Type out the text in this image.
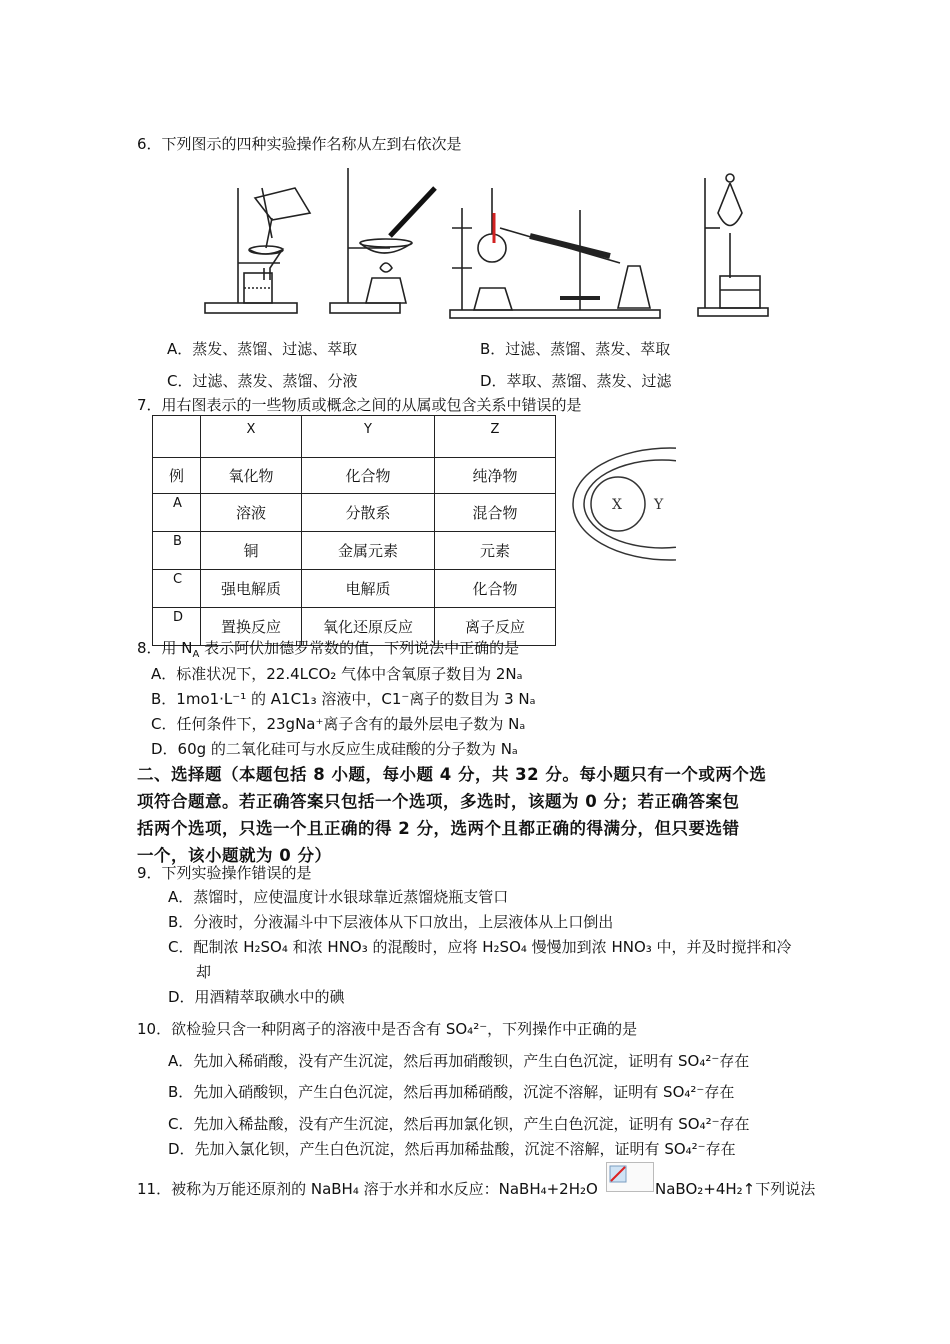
6．下列图示的四种实验操作名称从左到右依次是
A．蒸发、蒸馏、过滤、萃取	B．过滤、蒸馏、蒸发、萃取
C．过滤、蒸发、蒸馏、分液	D．萃取、蒸馏、蒸发、过滤
7．用右图表示的一些物质或概念之间的从属或包含关系中错误的是
	X	Y	Z
例	氧化物	化合物	纯净物
A	溶液	分散系	混合物
B	铜	金属元素	元素
C	强电解质	电解质	化合物
D	置换反应	氧化还原反应	离子反应
X Y
8．用 $N_A$ 表示阿伏加德罗常数的值，下列说法中正确的是
A．标准状况下，22.4LCO₂ 气体中含氧原子数目为 2Nₐ
B．1mo1·L⁻¹ 的 A1C1₃ 溶液中，C1⁻离子的数目为 3 Nₐ
C．任何条件下，23gNa⁺离子含有的最外层电子数为 Nₐ
D．60g 的二氧化硅可与水反应生成硅酸的分子数为 Nₐ
二、选择题（本题包括 8 小题，每小题 4 分，共 32 分。每小题只有一个或两个选
项符合题意。若正确答案只包括一个选项，多选时，该题为 0 分；若正确答案包
括两个选项，只选一个且正确的得 2 分，选两个且都正确的得满分，但只要选错
一个，该小题就为 0 分）
9．下列实验操作错误的是
A．蒸馏时，应使温度计水银球靠近蒸馏烧瓶支管口
B．分液时，分液漏斗中下层液体从下口放出，上层液体从上口倒出
C．配制浓 H₂SO₄ 和浓 HNO₃ 的混酸时，应将 H₂SO₄ 慢慢加到浓 HNO₃ 中，并及时搅拌和冷
却
D．用酒精萃取碘水中的碘
10．欲检验只含一种阴离子的溶液中是否含有 SO₄²⁻，下列操作中正确的是
A．先加入稀硝酸，没有产生沉淀，然后再加硝酸钡，产生白色沉淀，证明有 SO₄²⁻存在
B．先加入硝酸钡，产生白色沉淀，然后再加稀硝酸，沉淀不溶解，证明有 SO₄²⁻存在
C．先加入稀盐酸，没有产生沉淀，然后再加氯化钡，产生白色沉淀，证明有 SO₄²⁻存在
D．先加入氯化钡，产生白色沉淀，然后再加稀盐酸，沉淀不溶解，证明有 SO₄²⁻存在
11．被称为万能还原剂的 NaBH₄ 溶于水并和水反应：NaBH₄+2H₂O	NaBO₂+4H₂↑下列说法
